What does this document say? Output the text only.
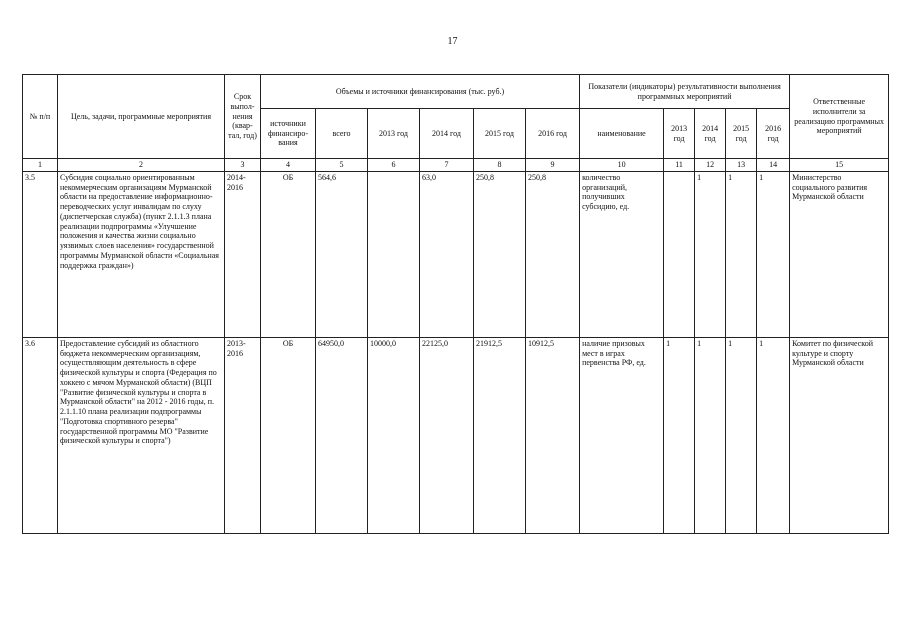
17
№ п/п	Цель, задачи, программные мероприятия	Срок выпол-нения (квар-тал, год)	Объемы и источники финансирования (тыс. руб.)						Показатели (индикаторы) результативности выполнения программных мероприятий					Ответственные исполнители за реализацию программных мероприятий
			источники финансиро-вания	всего	2013 год	2014 год	2015 год	2016 год	наименование	2013 год	2014 год	2015 год	2016 год	
1	2	3	4	5	6	7	8	9	10	11	12	13	14	15
3.5	Субсидия социально ориентированным некоммерческим организациям Мурманской области на предоставление информационно-переводческих услуг инвалидам по слуху (диспетчерская служба) (пункт 2.1.1.3 плана реализации подпрограммы «Улучшение положения и качества жизни социально уязвимых слоев населения» государственной программы Мурманской области «Социальная поддержка граждан»)	2014-2016	ОБ	564,6		63,0	250,8	250,8	количество организаций, получивших субсидию, ед.		1	1	1	Министерство социального развития Мурманской области
3.6	Предоставление субсидий из областного бюджета некоммерческим организациям, осуществляющим деятельность в сфере физической культуры и спорта (Федерация по хоккею с мячом Мурманской области) (ВЦП "Развитие физической культуры и спорта в Мурманской области" на 2012 - 2016 годы, п. 2.1.1.10 плана реализации подпрограммы "Подготовка спортивного резерва" государственной программы МО "Развитие физической культуры и спорта")	2013-2016	ОБ	64950,0	10000,0	22125,0	21912,5	10912,5	наличие призовых мест в играх первенства РФ, ед.	1	1	1	1	Комитет по физической культуре и спорту Мурманской области
